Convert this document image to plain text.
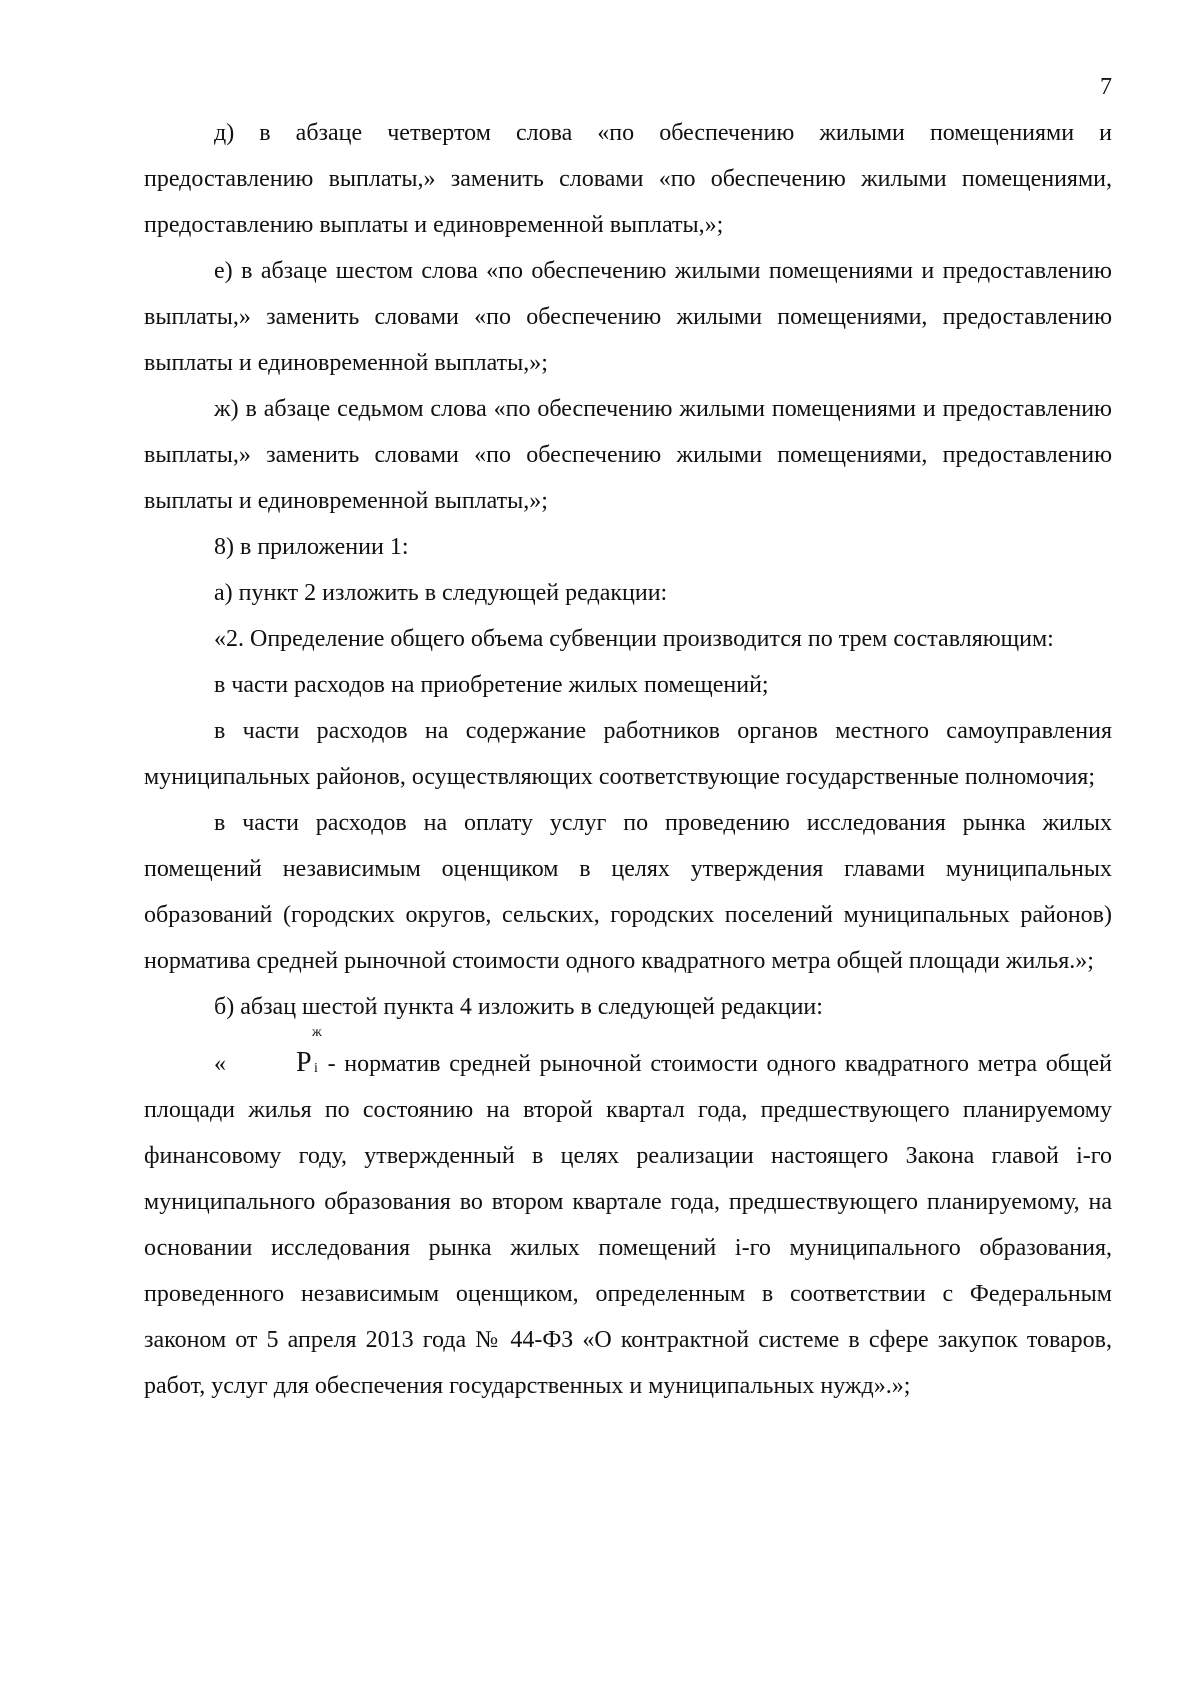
7

д) в абзаце четвертом слова «по обеспечению жилыми помещениями и предоставлению выплаты,» заменить словами «по обеспечению жилыми помещениями, предоставлению выплаты и единовременной выплаты,»;

е) в абзаце шестом слова «по обеспечению жилыми помещениями и предоставлению выплаты,» заменить словами «по обеспечению жилыми помещениями, предоставлению выплаты и единовременной выплаты,»;

ж) в абзаце седьмом слова «по обеспечению жилыми помещениями и предоставлению выплаты,» заменить словами «по обеспечению жилыми помещениями, предоставлению выплаты и единовременной выплаты,»;

8) в приложении 1:

а) пункт 2 изложить в следующей редакции:

«2. Определение общего объема субвенции производится по трем составляющим:

в части расходов на приобретение жилых помещений;

в части расходов на содержание работников органов местного самоуправления муниципальных районов, осуществляющих соответствующие государственные полномочия;

в части расходов на оплату услуг по проведению исследования рынка жилых помещений независимым оценщиком в целях утверждения главами муниципальных образований (городских округов, сельских, городских поселений муниципальных районов) норматива средней рыночной стоимости одного квадратного метра общей площади жилья.»;

б) абзац шестой пункта 4 изложить в следующей редакции:

«	P
ж
i - норматив средней рыночной стоимости одного квадратного метра общей площади жилья по состоянию на второй квартал года, предшествующего планируемому финансовому году, утвержденный в целях реализации настоящего Закона главой i-го муниципального образования во втором квартале года, предшествующего планируемому, на основании исследования рынка жилых помещений i-го муниципального образования, проведенного независимым оценщиком, определенным в соответствии с Федеральным законом от 5 апреля 2013 года № 44-ФЗ «О контрактной системе в сфере закупок товаров, работ, услуг для обеспечения государственных и муниципальных нужд».»;
